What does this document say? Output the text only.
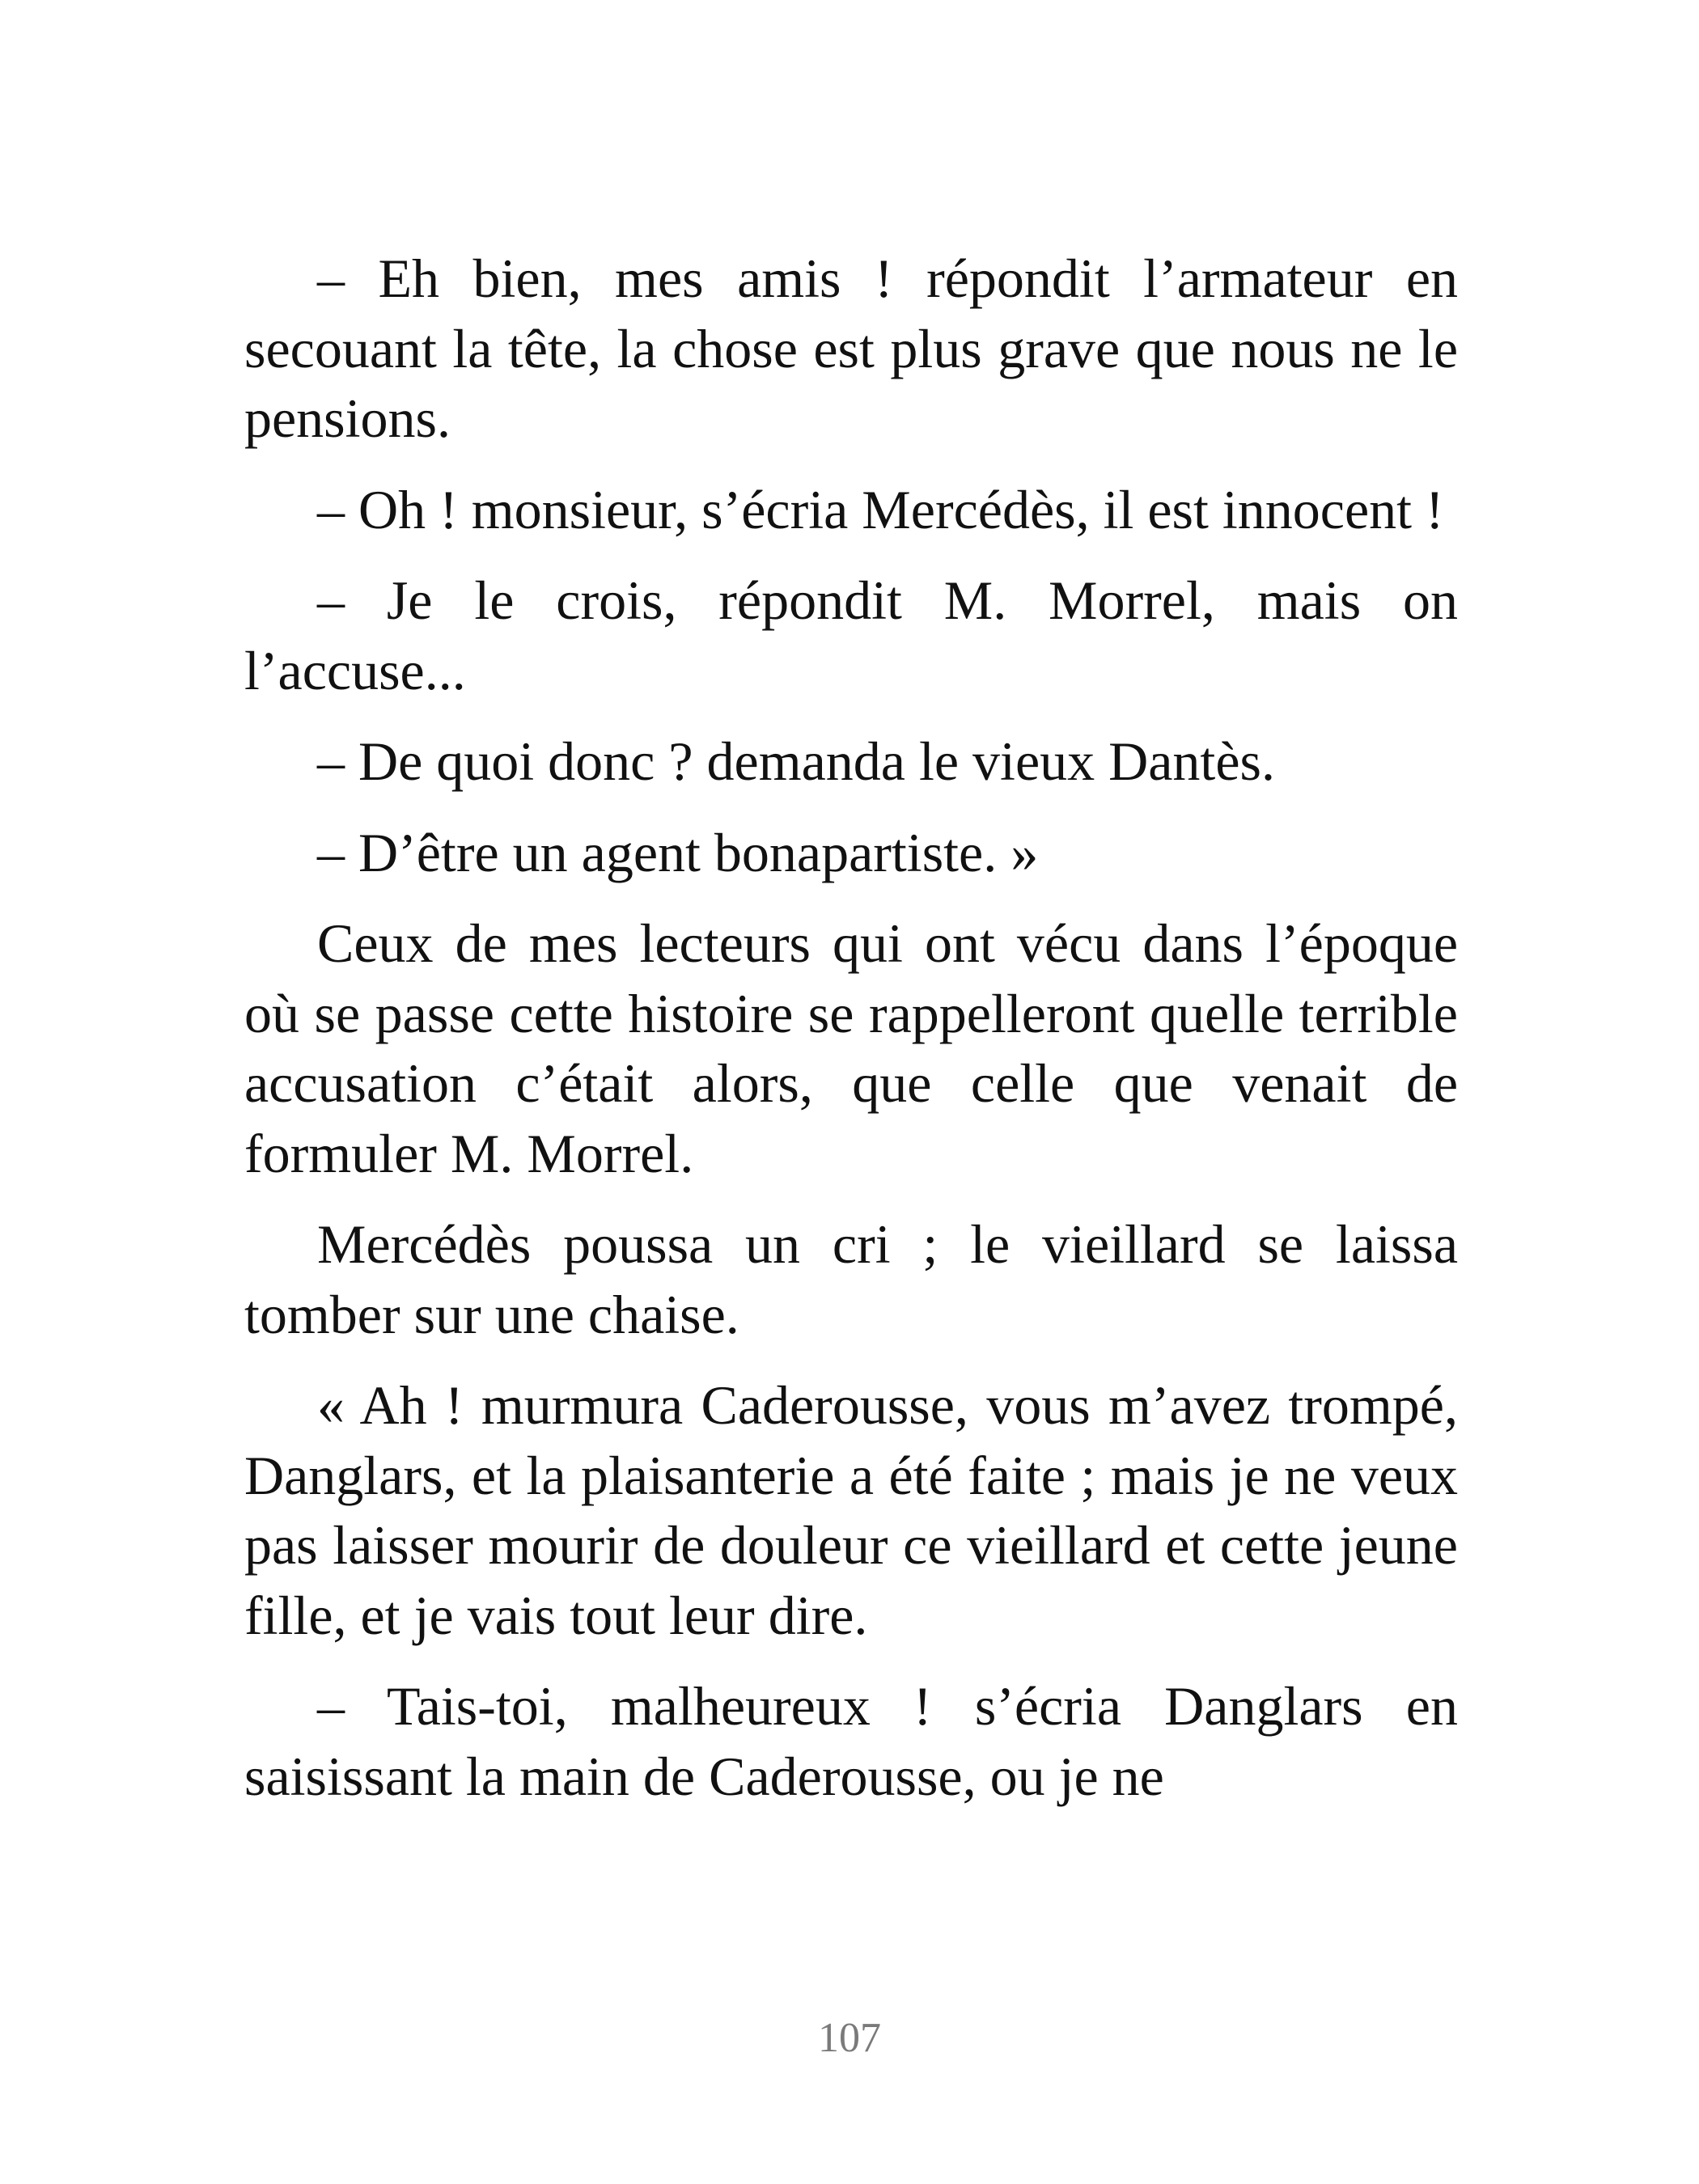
– Eh bien, mes amis ! répondit l’armateur en secouant la tête, la chose est plus grave que nous ne le pensions.

– Oh ! monsieur, s’écria Mercédès, il est innocent !

– Je le crois, répondit M. Morrel, mais on l’accuse...

– De quoi donc ? demanda le vieux Dantès.

– D’être un agent bonapartiste. »

Ceux de mes lecteurs qui ont vécu dans l’époque où se passe cette histoire se rappelleront quelle terrible accusation c’était alors, que celle que venait de formuler M. Morrel.

Mercédès poussa un cri ; le vieillard se laissa tomber sur une chaise.

« Ah ! murmura Caderousse, vous m’avez trompé, Danglars, et la plaisanterie a été faite ; mais je ne veux pas laisser mourir de douleur ce vieillard et cette jeune fille, et je vais tout leur dire.

– Tais-toi, malheureux ! s’écria Danglars en saisissant la main de Caderousse, ou je ne

107
